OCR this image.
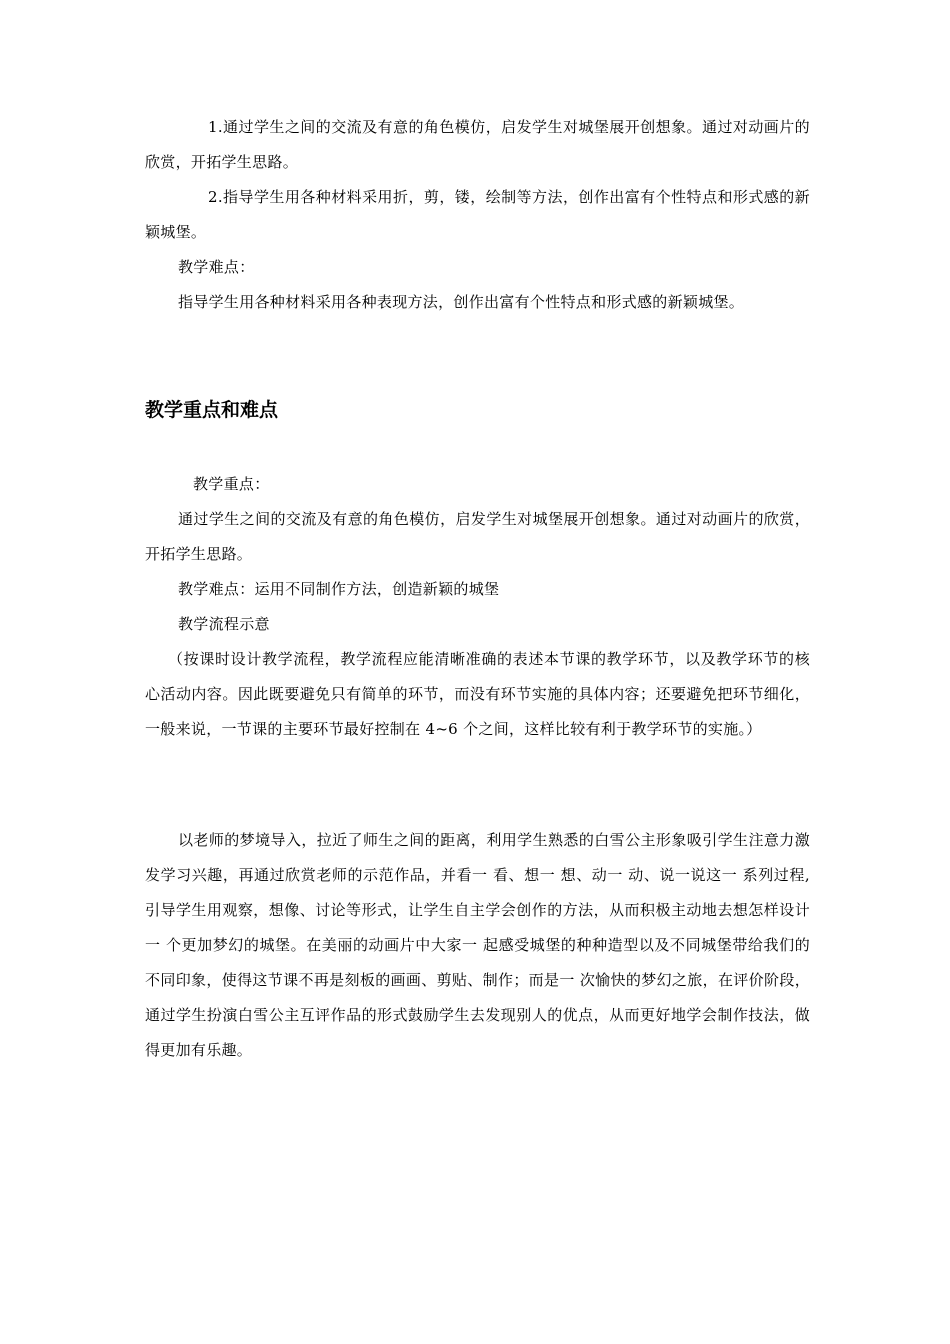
1.通过学生之间的交流及有意的角色模仿，启发学生对城堡展开创想象。通过对动画片的欣赏，开拓学生思路。

2.指导学生用各种材料采用折，剪，镂，绘制等方法，创作出富有个性特点和形式感的新颖城堡。

教学难点：

指导学生用各种材料采用各种表现方法，创作出富有个性特点和形式感的新颖城堡。

教学重点和难点

教学重点：

通过学生之间的交流及有意的角色模仿，启发学生对城堡展开创想象。通过对动画片的欣赏，开拓学生思路。

教学难点：运用不同制作方法，创造新颖的城堡

教学流程示意

（按课时设计教学流程，教学流程应能清晰准确的表述本节课的教学环节，以及教学环节的核心活动内容。因此既要避免只有简单的环节，而没有环节实施的具体内容；还要避免把环节细化，一般来说，一节课的主要环节最好控制在 4~6 个之间，这样比较有利于教学环节的实施。）

以老师的梦境导入，拉近了师生之间的距离，利用学生熟悉的白雪公主形象吸引学生注意力激发学习兴趣，再通过欣赏老师的示范作品，并看一 看、想一 想、动一 动、说一说这一 系列过程,引导学生用观察，想像、讨论等形式，让学生自主学会创作的方法，从而积极主动地去想怎样设计一 个更加梦幻的城堡。在美丽的动画片中大家一 起感受城堡的种种造型以及不同城堡带给我们的不同印象，使得这节课不再是刻板的画画、剪贴、制作；而是一 次愉快的梦幻之旅，在评价阶段，通过学生扮演白雪公主互评作品的形式鼓励学生去发现别人的优点，从而更好地学会制作技法，做得更加有乐趣。
